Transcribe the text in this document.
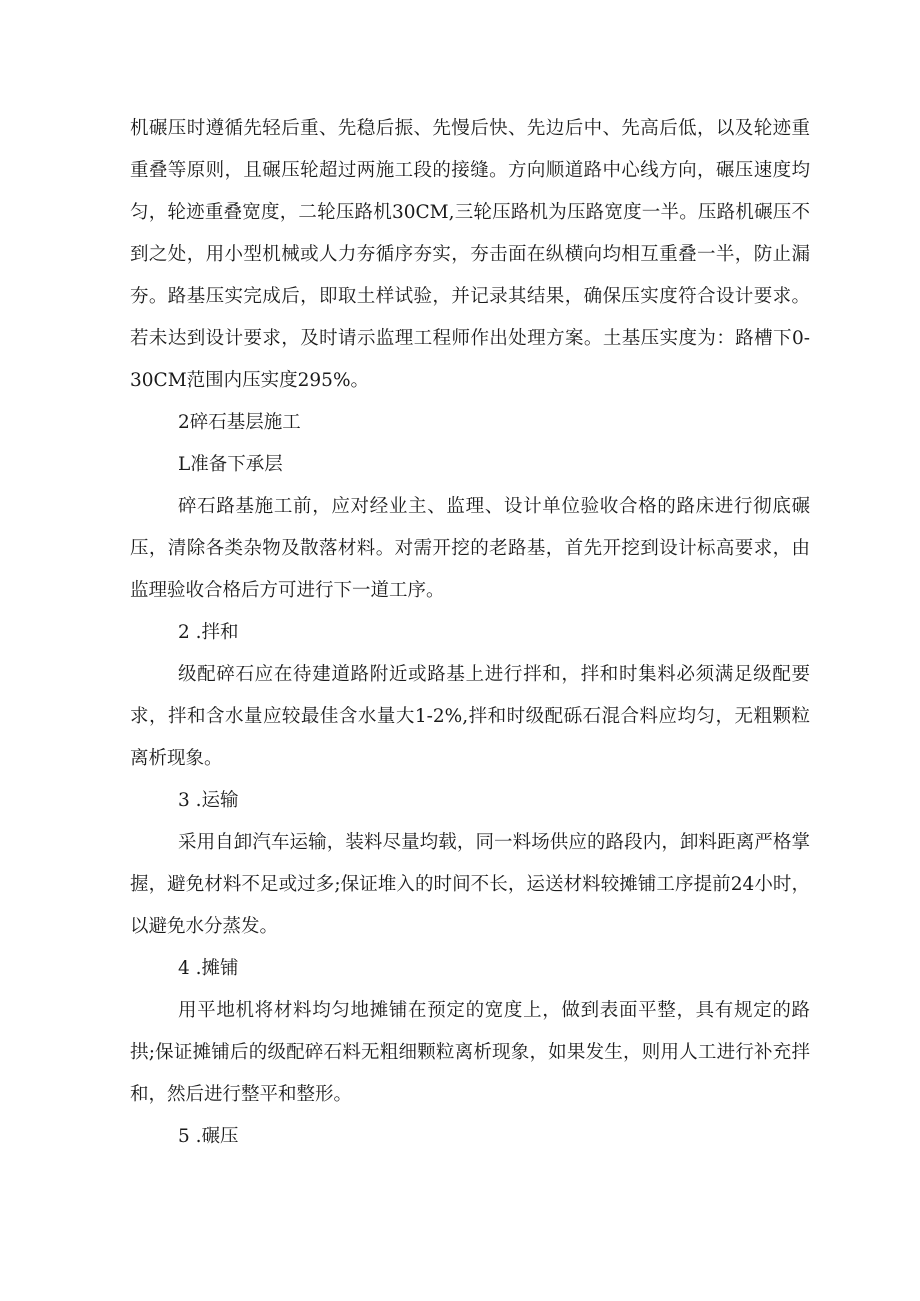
机碾压时遵循先轻后重、先稳后振、先慢后快、先边后中、先高后低，以及轮迹重重叠等原则，且碾压轮超过两施工段的接缝。方向顺道路中心线方向，碾压速度均匀，轮迹重叠宽度，二轮压路机30CM,三轮压路机为压路宽度一半。压路机碾压不到之处，用小型机械或人力夯循序夯实，夯击面在纵横向均相互重叠一半，防止漏夯。路基压实完成后，即取土样试验，并记录其结果，确保压实度符合设计要求。若未达到设计要求，及时请示监理工程师作出处理方案。土基压实度为：路槽下0-30CM范围内压实度295%。

2碎石基层施工

L准备下承层

碎石路基施工前，应对经业主、监理、设计单位验收合格的路床进行彻底碾压，清除各类杂物及散落材料。对需开挖的老路基，首先开挖到设计标高要求，由监理验收合格后方可进行下一道工序。

2 .拌和

级配碎石应在待建道路附近或路基上进行拌和，拌和时集料必须满足级配要求，拌和含水量应较最佳含水量大1-2%,拌和时级配砾石混合料应均匀，无粗颗粒离析现象。

3 .运输

采用自卸汽车运输，装料尽量均载，同一料场供应的路段内，卸料距离严格掌握，避免材料不足或过多;保证堆入的时间不长，运送材料较摊铺工序提前24小时，以避免水分蒸发。

4 .摊铺

用平地机将材料均匀地摊铺在预定的宽度上，做到表面平整，具有规定的路拱;保证摊铺后的级配碎石料无粗细颗粒离析现象，如果发生，则用人工进行补充拌和，然后进行整平和整形。

5 .碾压
